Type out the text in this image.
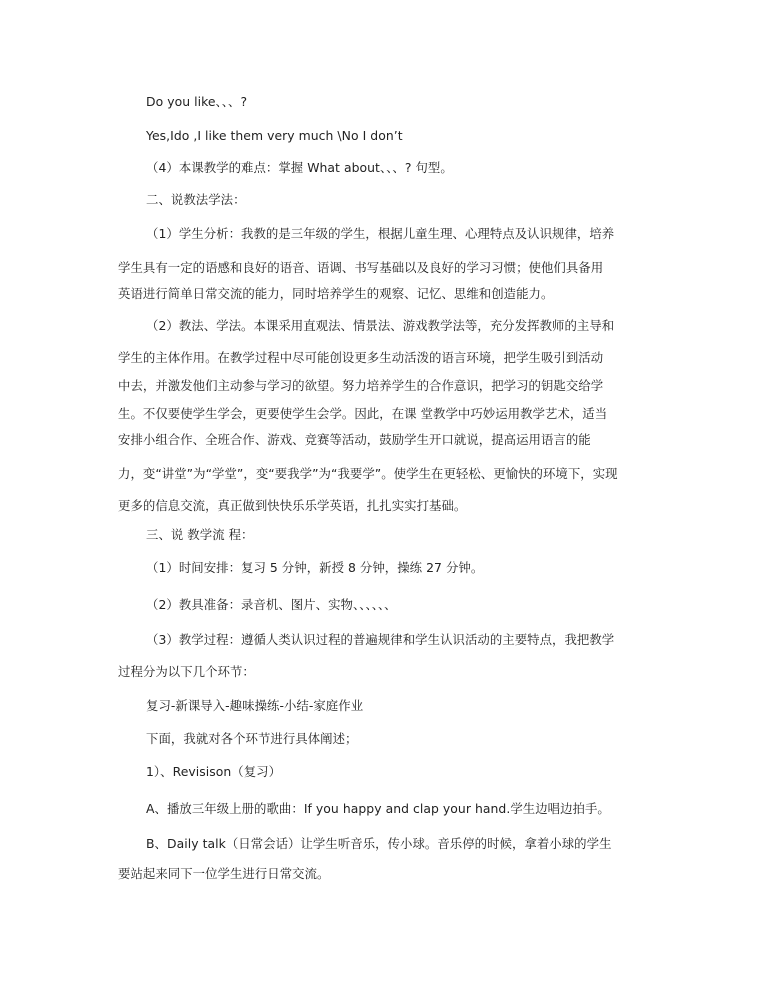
Do you like、、、?
Yes,Ido ,I like them very much \No I don’t
（4）本课教学的难点：掌握 What about、、、? 句型。
二、说教法学法：
（1）学生分析：我教的是三年级的学生，根据儿童生理、心理特点及认识规律，培养
学生具有一定的语感和良好的语音、语调、书写基础以及良好的学习习惯；使他们具备用
英语进行简单日常交流的能力，同时培养学生的观察、记忆、思维和创造能力。
（2）教法、学法。本课采用直观法、情景法、游戏教学法等，充分发挥教师的主导和
学生的主体作用。在教学过程中尽可能创设更多生动活泼的语言环境，把学生吸引到活动
中去，并激发他们主动参与学习的欲望。努力培养学生的合作意识，把学习的钥匙交给学
生。不仅要使学生学会，更要使学生会学。因此，在课 堂教学中巧妙运用教学艺术，适当
安排小组合作、全班合作、游戏、竞赛等活动，鼓励学生开口就说，提高运用语言的能
力，变“讲堂”为“学堂”，变“要我学”为“我要学”。使学生在更轻松、更愉快的环境下，实现
更多的信息交流，真正做到快快乐乐学英语，扎扎实实打基础。
三、说 教学流 程：
（1）时间安排：复习 5 分钟，新授 8 分钟，操练 27 分钟。
（2）教具准备：录音机、图片、实物、、、、、、
（3）教学过程：遵循人类认识过程的普遍规律和学生认识活动的主要特点，我把教学
过程分为以下几个环节：
复习-新课导入-趣味操练-小结-家庭作业
下面，我就对各个环节进行具体阐述；
1）、Revisison（复习）
A、播放三年级上册的歌曲：If you happy and clap your hand.学生边唱边拍手。
B、Daily talk（日常会话）让学生听音乐，传小球。音乐停的时候，拿着小球的学生
要站起来同下一位学生进行日常交流。
